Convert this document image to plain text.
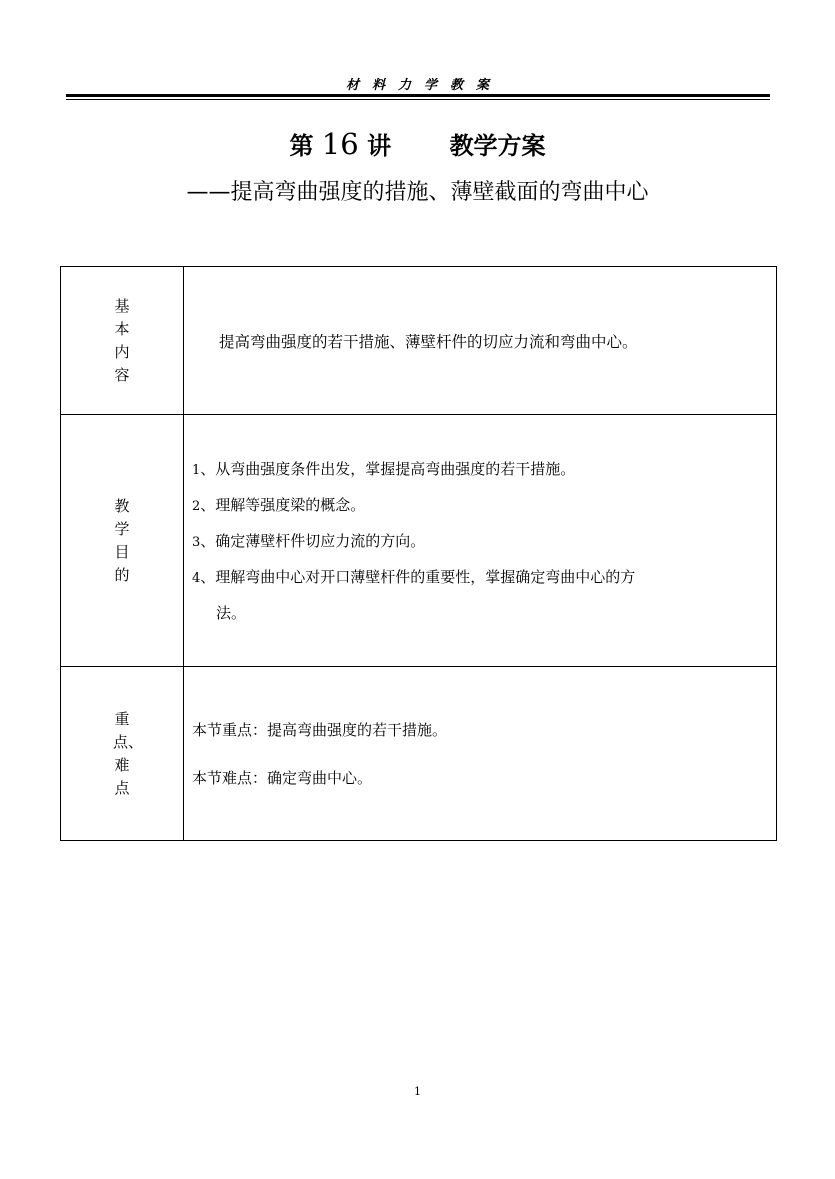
材料力学教案
第 16 讲 教学方案
——提高弯曲强度的措施、薄壁截面的弯曲中心
基本内容	提高弯曲强度的若干措施、薄壁杆件的切应力流和弯曲中心。

教学目的	1、从弯曲强度条件出发，掌握提高弯曲强度的若干措施。
2、理解等强度梁的概念。
3、确定薄壁杆件切应力流的方向。
4、理解弯曲中心对开口薄壁杆件的重要性，掌握确定弯曲中心的方
法。

重点、难点	本节重点：提高弯曲强度的若干措施。
本节难点：确定弯曲中心。
1
